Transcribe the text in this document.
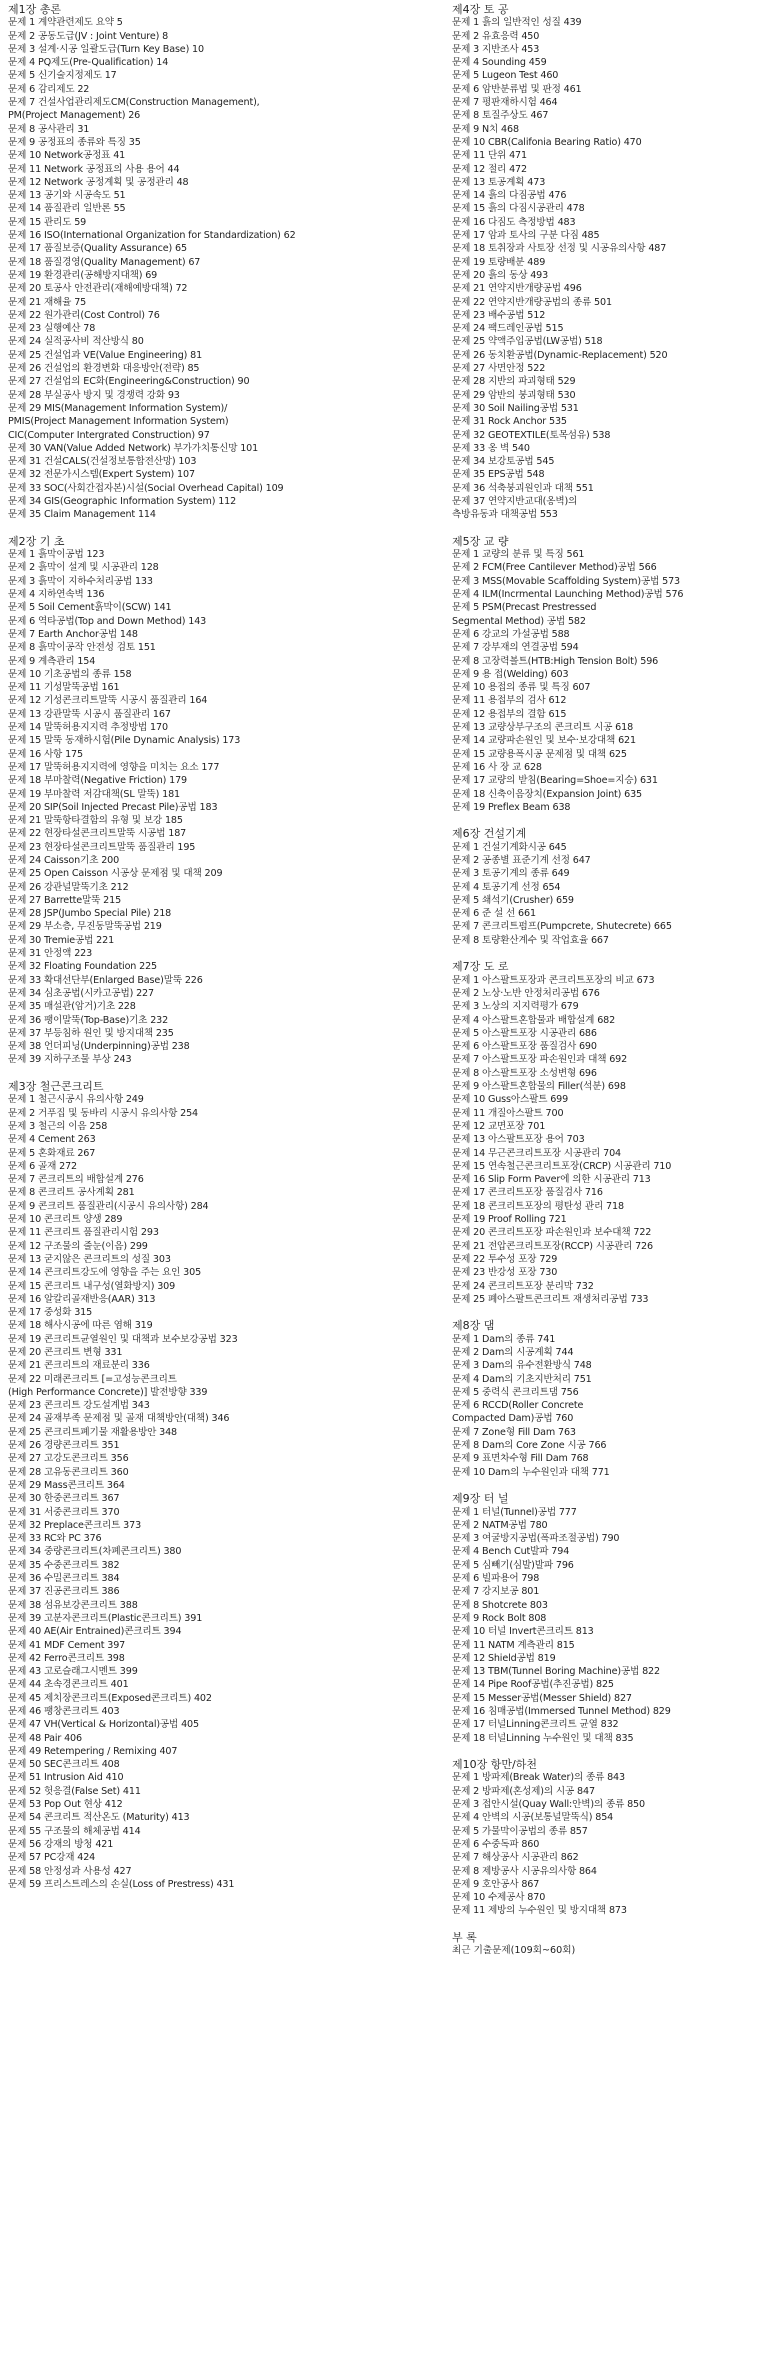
제1장 총론

문제 1 계약관련제도 요약 5
문제 2 공동도급(JV : Joint Venture) 8
문제 3 설계·시공 일괄도급(Turn Key Base) 10
문제 4 PQ제도(Pre-Qualification) 14
문제 5 신기술지정제도 17
문제 6 감리제도 22
문제 7 건설사업관리제도CM(Construction Management),
PM(Project Management) 26
문제 8 공사관리 31
문제 9 공정표의 종류와 특징 35
문제 10 Network공정표 41
문제 11 Network 공정표의 사용 용어 44
문제 12 Network 공정계획 및 공정관리 48
문제 13 공기와 시공속도 51
문제 14 품질관리 일반론 55
문제 15 관리도 59
문제 16 ISO(International Organization for Standardization) 62
문제 17 품질보증(Quality Assurance) 65
문제 18 품질경영(Quality Management) 67
문제 19 환경관리(공해방지대책) 69
문제 20 토공사 안전관리(재해예방대책) 72
문제 21 재해율 75
문제 22 원가관리(Cost Control) 76
문제 23 실행예산 78
문제 24 실적공사비 적산방식 80
문제 25 건설업과 VE(Value Engineering) 81
문제 26 건설업의 환경변화 대응방안(전략) 85
문제 27 건설업의 EC화(Engineering&Construction) 90
문제 28 부실공사 방지 및 경쟁력 강화 93
문제 29 MIS(Management Information System)/
PMIS(Project Management Information System)
CIC(Computer Intergrated Construction) 97
문제 30 VAN(Value Added Network) 부가가치통신망 101
문제 31 건설CALS(건설정보통합전산망) 103
문제 32 전문가시스템(Expert System) 107
문제 33 SOC(사회간접자본)시설(Social Overhead Capital) 109
문제 34 GIS(Geographic Information System) 112
문제 35 Claim Management 114

제2장 기 초

문제 1 흙막이공법 123
문제 2 흙막이 설계 및 시공관리 128
문제 3 흙막이 지하수처리공법 133
문제 4 지하연속벽 136
문제 5 Soil Cement흙막이(SCW) 141
문제 6 역타공법(Top and Down Method) 143
문제 7 Earth Anchor공법 148
문제 8 흙막이공작 안전성 검토 151
문제 9 계측관리 154
문제 10 기초공법의 종류 158
문제 11 기성말뚝공법 161
문제 12 기성콘크리트말뚝 시공시 품질관리 164
문제 13 강관말뚝 시공시 품질관리 167
문제 14 말뚝허용지지력 추정방법 170
문제 15 말뚝 동재하시험(Pile Dynamic Analysis) 173
문제 16 사항 175
문제 17 말뚝허용지지력에 영향을 미치는 요소 177
문제 18 부마찰력(Negative Friction) 179
문제 19 부마찰력 저감대책(SL 말뚝) 181
문제 20 SIP(Soil Injected Precast Pile)공법 183
문제 21 말뚝항타결함의 유형 및 보강 185
문제 22 현장타설콘크리트말뚝 시공법 187
문제 23 현장타설콘크리트말뚝 품질관리 195
문제 24 Caisson기초 200
문제 25 Open Caisson 시공상 문제점 및 대책 209
문제 26 강관널말뚝기초 212
문제 27 Barrette말뚝 215
문제 28 JSP(Jumbo Special Pile) 218
문제 29 부소층, 무진동말뚝공법 219
문제 30 Tremie공법 221
문제 31 안정액 223
문제 32 Floating Foundation 225
문제 33 확대선단부(Enlarged Base)말뚝 226
문제 34 심초공법(시카고공법) 227
문제 35 매설관(암거)기초 228
문제 36 팽이말뚝(Top-Base)기초 232
문제 37 부등침하 원인 및 방지대책 235
문제 38 언더피닝(Underpinning)공법 238
문제 39 지하구조물 부상 243

제3장 철근콘크리트

문제 1 철근시공시 유의사항 249
문제 2 거푸집 및 동바리 시공시 유의사항 254
문제 3 철근의 이음 258
문제 4 Cement 263
문제 5 혼화재료 267
문제 6 골재 272
문제 7 콘크리트의 배합설계 276
문제 8 콘크리트 공사계획 281
문제 9 콘크리트 품질관리(시공시 유의사항) 284
문제 10 콘크리트 양생 289
문제 11 콘크리트 품질관리시험 293
문제 12 구조물의 줄눈(이음) 299
문제 13 굳지않은 콘크리트의 성질 303
문제 14 콘크리트강도에 영향을 주는 요인 305
문제 15 콘크리트 내구성(열화방지) 309
문제 16 알칼리골재반응(AAR) 313
문제 17 중성화 315
문제 18 해사시공에 따른 염해 319
문제 19 콘크리트균열원인 및 대책과 보수보강공법 323
문제 20 콘크리트 변형 331
문제 21 콘크리트의 재료분리 336
문제 22 미래콘크리트 [=고성능콘크리트
(High Performance Concrete)] 발전방향 339
문제 23 콘크리트 강도설계법 343
문제 24 골재부족 문제점 및 골재 대책방안(대책) 346
문제 25 콘크리트폐기물 재활용방안 348
문제 26 경량콘크리트 351
문제 27 고강도콘크리트 356
문제 28 고유동콘크리트 360
문제 29 Mass콘크리트 364
문제 30 한중콘크리트 367
문제 31 서중콘크리트 370
문제 32 Preplace콘크리트 373
문제 33 RC와 PC 376
문제 34 중량콘크리트(차폐콘크리트) 380
문제 35 수중콘크리트 382
문제 36 수밀콘크리트 384
문제 37 진공콘크리트 386
문제 38 섬유보강콘크리트 388
문제 39 고분자콘크리트(Plastic콘크리트) 391
문제 40 AE(Air Entrained)콘크리트 394
문제 41 MDF Cement 397
문제 42 Ferro콘크리트 398
문제 43 고로슬래그시멘트 399
문제 44 초속경콘크리트 401
문제 45 제치장콘크리트(Exposed콘크리트) 402
문제 46 팽창콘크리트 403
문제 47 VH(Vertical & Horizontal)공법 405
문제 48 Pair 406
문제 49 Retempering / Remixing 407
문제 50 SEC콘크리트 408
문제 51 Intrusion Aid 410
문제 52 헛응결(False Set) 411
문제 53 Pop Out 현상 412
문제 54 콘크리트 적산온도 (Maturity) 413
문제 55 구조물의 해체공법 414
문제 56 강재의 방청 421
문제 57 PC강재 424
문제 58 안정성과 사용성 427
문제 59 프리스트레스의 손실(Loss of Prestress) 431

제4장 토 공

문제 1 흙의 일반적인 성질 439
문제 2 유효응력 450
문제 3 지반조사 453
문제 4 Sounding 459
문제 5 Lugeon Test 460
문제 6 암반분류법 및 판정 461
문제 7 평판재하시험 464
문제 8 토질주상도 467
문제 9 N치 468
문제 10 CBR(Califonia Bearing Ratio) 470
문제 11 단위 471
문제 12 절리 472
문제 13 토공계획 473
문제 14 흙의 다짐공법 476
문제 15 흙의 다짐시공관리 478
문제 16 다짐도 측정방법 483
문제 17 암과 토사의 구분 다짐 485
문제 18 토취장과 사토장 선정 및 시공유의사항 487
문제 19 토량배분 489
문제 20 흙의 동상 493
문제 21 연약지반개량공법 496
문제 22 연약지반개량공법의 종류 501
문제 23 배수공법 512
문제 24 팩드레인공법 515
문제 25 약액주입공법(LW공법) 518
문제 26 동치환공법(Dynamic-Replacement) 520
문제 27 사면안정 522
문제 28 지반의 파괴형태 529
문제 29 암반의 붕괴형태 530
문제 30 Soil Nailing공법 531
문제 31 Rock Anchor 535
문제 32 GEOTEXTILE(토목섬유) 538
문제 33 옹 벽 540
문제 34 보강토공법 545
문제 35 EPS공법 548
문제 36 석축붕괴원인과 대책 551
문제 37 연약지반교대(옹벽)의
측방유동과 대책공법 553

제5장 교 량

문제 1 교량의 분류 및 특징 561
문제 2 FCM(Free Cantilever Method)공법 566
문제 3 MSS(Movable Scaffolding System)공법 573
문제 4 ILM(Incrmental Launching Method)공법 576
문제 5 PSM(Precast Prestressed
Segmental Method) 공법 582
문제 6 강교의 가설공법 588
문제 7 강부재의 연결공법 594
문제 8 고장력볼트(HTB:High Tension Bolt) 596
문제 9 용 접(Welding) 603
문제 10 용접의 종류 및 특징 607
문제 11 용접부의 검사 612
문제 12 용접부의 결함 615
문제 13 교량상부구조의 콘크리트 시공 618
문제 14 교량파손원인 및 보수·보강대책 621
문제 15 교량용폭시공 문제점 및 대책 625
문제 16 사 장 교 628
문제 17 교량의 받침(Bearing=Shoe=지승) 631
문제 18 신축이음장치(Expansion Joint) 635
문제 19 Preflex Beam 638

제6장 건설기계

문제 1 건설기계화시공 645
문제 2 공종별 표준기계 선정 647
문제 3 토공기계의 종류 649
문제 4 토공기계 선정 654
문제 5 쇄석기(Crusher) 659
문제 6 준 설 선 661
문제 7 콘크리트펌프(Pumpcrete, Shutecrete) 665
문제 8 토량환산계수 및 작업효율 667

제7장 도 로

문제 1 아스팔트포장과 콘크리트포장의 비교 673
문제 2 노상·노반 안정처리공법 676
문제 3 노상의 지지력평가 679
문제 4 아스팔트혼합물과 배합설계 682
문제 5 아스팔트포장 시공관리 686
문제 6 아스팔트포장 품질검사 690
문제 7 아스팔트포장 파손원인과 대책 692
문제 8 아스팔트포장 소성변형 696
문제 9 아스팔트혼합물의 Filler(석분) 698
문제 10 Guss아스팔트 699
문제 11 개질아스팔트 700
문제 12 교면포장 701
문제 13 아스팔트포장 용어 703
문제 14 무근콘크리트포장 시공관리 704
문제 15 연속철근콘크리트포장(CRCP) 시공관리 710
문제 16 Slip Form Paver에 의한 시공관리 713
문제 17 콘크리트포장 품질검사 716
문제 18 콘크리트포장의 평탄성 관리 718
문제 19 Proof Rolling 721
문제 20 콘크리트포장 파손원인과 보수대책 722
문제 21 전압콘크리트포장(RCCP) 시공관리 726
문제 22 투수성 포장 729
문제 23 반강성 포장 730
문제 24 콘크리트포장 분리막 732
문제 25 폐아스팔트콘크리트 재생처리공법 733

제8장 댐

문제 1 Dam의 종류 741
문제 2 Dam의 시공계획 744
문제 3 Dam의 유수전환방식 748
문제 4 Dam의 기초지반처리 751
문제 5 중력식 콘크리트댐 756
문제 6 RCCD(Roller Concrete
Compacted Dam)공법 760
문제 7 Zone형 Fill Dam 763
문제 8 Dam의 Core Zone 시공 766
문제 9 표면차수형 Fill Dam 768
문제 10 Dam의 누수원인과 대책 771

제9장 터 널

문제 1 터널(Tunnel)공법 777
문제 2 NATM공법 780
문제 3 여굴방지공법(폭파조절공법) 790
문제 4 Bench Cut발파 794
문제 5 심빼기(심발)발파 796
문제 6 빌파용어 798
문제 7 강지보공 801
문제 8 Shotcrete 803
문제 9 Rock Bolt 808
문제 10 터널 Invert콘크리트 813
문제 11 NATM 계측관리 815
문제 12 Shield공법 819
문제 13 TBM(Tunnel Boring Machine)공법 822
문제 14 Pipe Roof공법(추진공법) 825
문제 15 Messer공법(Messer Shield) 827
문제 16 침매공법(Immersed Tunnel Method) 829
문제 17 터널Linning콘크리트 균열 832
문제 18 터널Linning 누수원인 및 대책 835

제10장 항만/하천

문제 1 방파제(Break Water)의 종류 843
문제 2 방파제(혼성제)의 시공 847
문제 3 접안시설(Quay Wall:안벽)의 종류 850
문제 4 안벽의 시공(보통널말뚝식) 854
문제 5 가물막이공법의 종류 857
문제 6 수중독파 860
문제 7 해상공사 시공관리 862
문제 8 제방공사 시공유의사항 864
문제 9 호안공사 867
문제 10 수제공사 870
문제 11 제방의 누수원인 및 방지대책 873

부 록

최근 기출문제(109회~60회)
